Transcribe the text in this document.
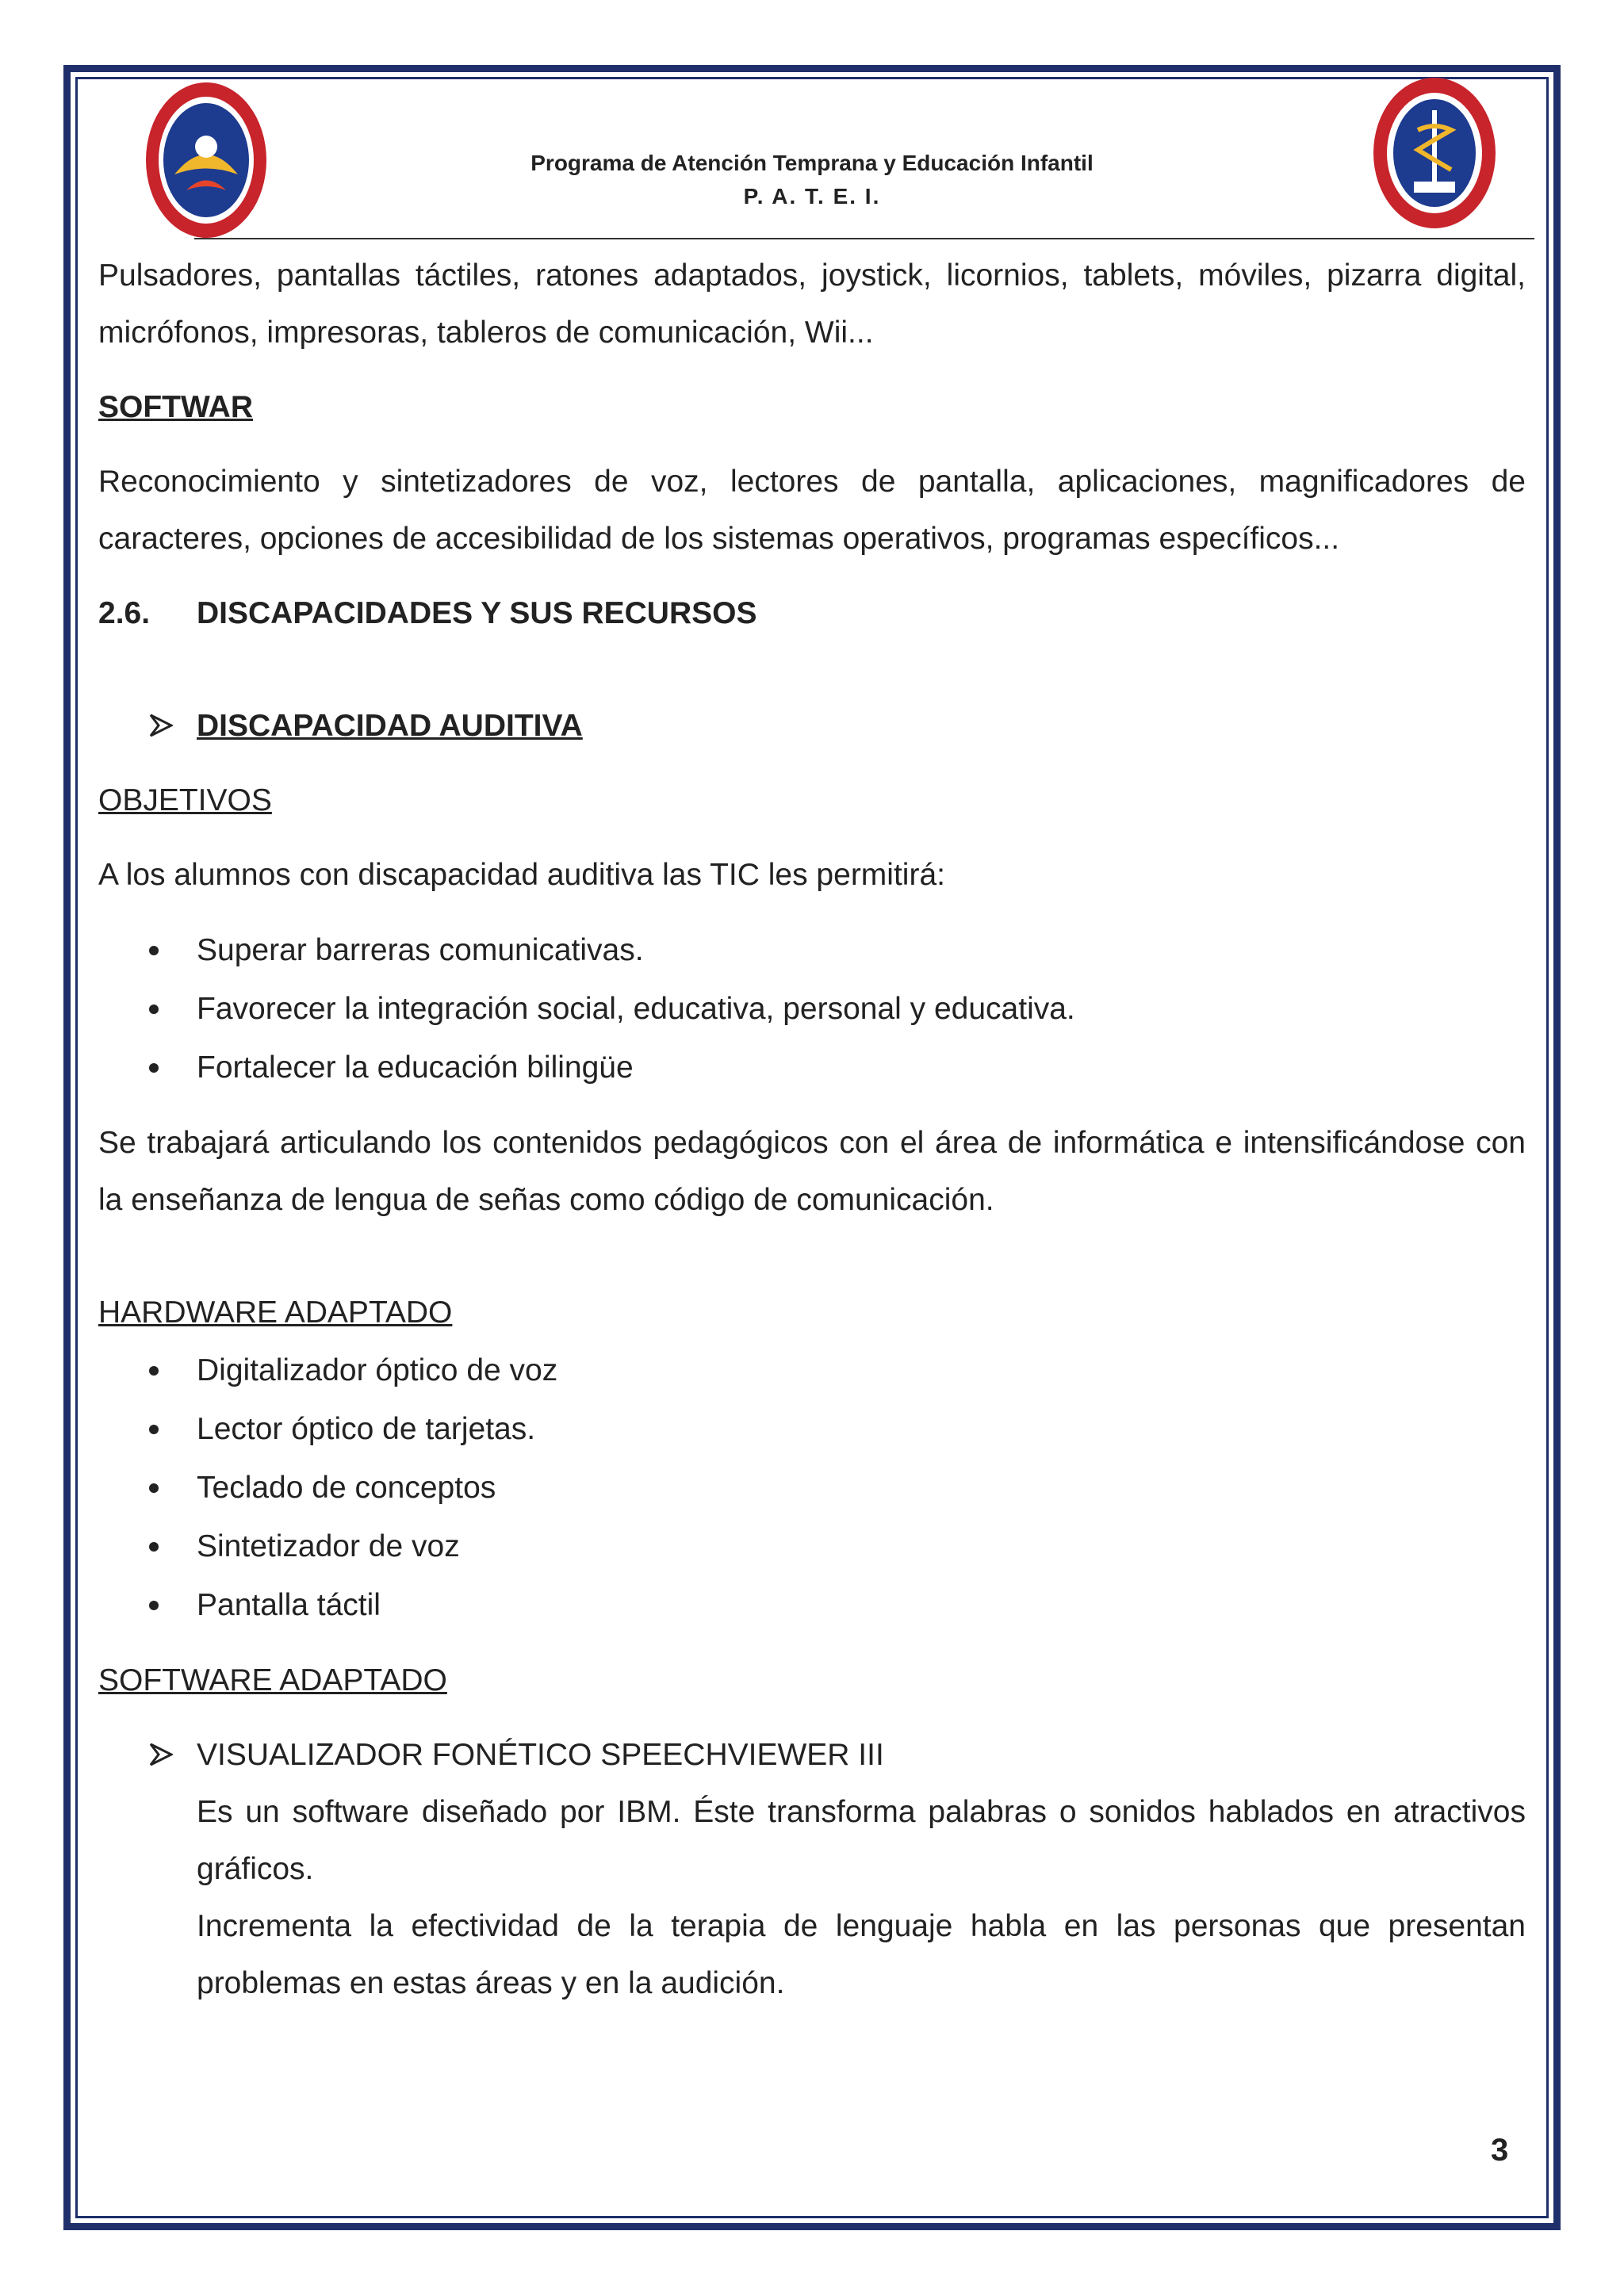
Programa de Atención Temprana y Educación Infantil
P. A. T. E. I.

Pulsadores, pantallas táctiles, ratones adaptados, joystick, licornios, tablets, móviles, pizarra digital, micrófonos, impresoras, tableros de comunicación, Wii...

SOFTWAR

Reconocimiento y sintetizadores de voz, lectores de pantalla, aplicaciones, magnificadores de caracteres, opciones de accesibilidad de los sistemas operativos, programas específicos...

2.6. DISCAPACIDADES Y SUS RECURSOS

DISCAPACIDAD AUDITIVA

OBJETIVOS

A los alumnos con discapacidad auditiva las TIC les permitirá:

Superar barreras comunicativas.
Favorecer la integración social, educativa, personal y educativa.
Fortalecer la educación bilingüe

Se trabajará articulando los contenidos pedagógicos con el área de informática e intensificándose con la enseñanza de lengua de señas como código de comunicación.

HARDWARE ADAPTADO

Digitalizador óptico de voz
Lector óptico de tarjetas.
Teclado de conceptos
Sintetizador de voz
Pantalla táctil

SOFTWARE ADAPTADO

VISUALIZADOR FONÉTICO SPEECHVIEWER III

Es un software diseñado por IBM. Éste transforma palabras o sonidos hablados en atractivos gráficos.

Incrementa la efectividad de la terapia de lenguaje habla en las personas que presentan problemas en estas áreas y en la audición.

3
